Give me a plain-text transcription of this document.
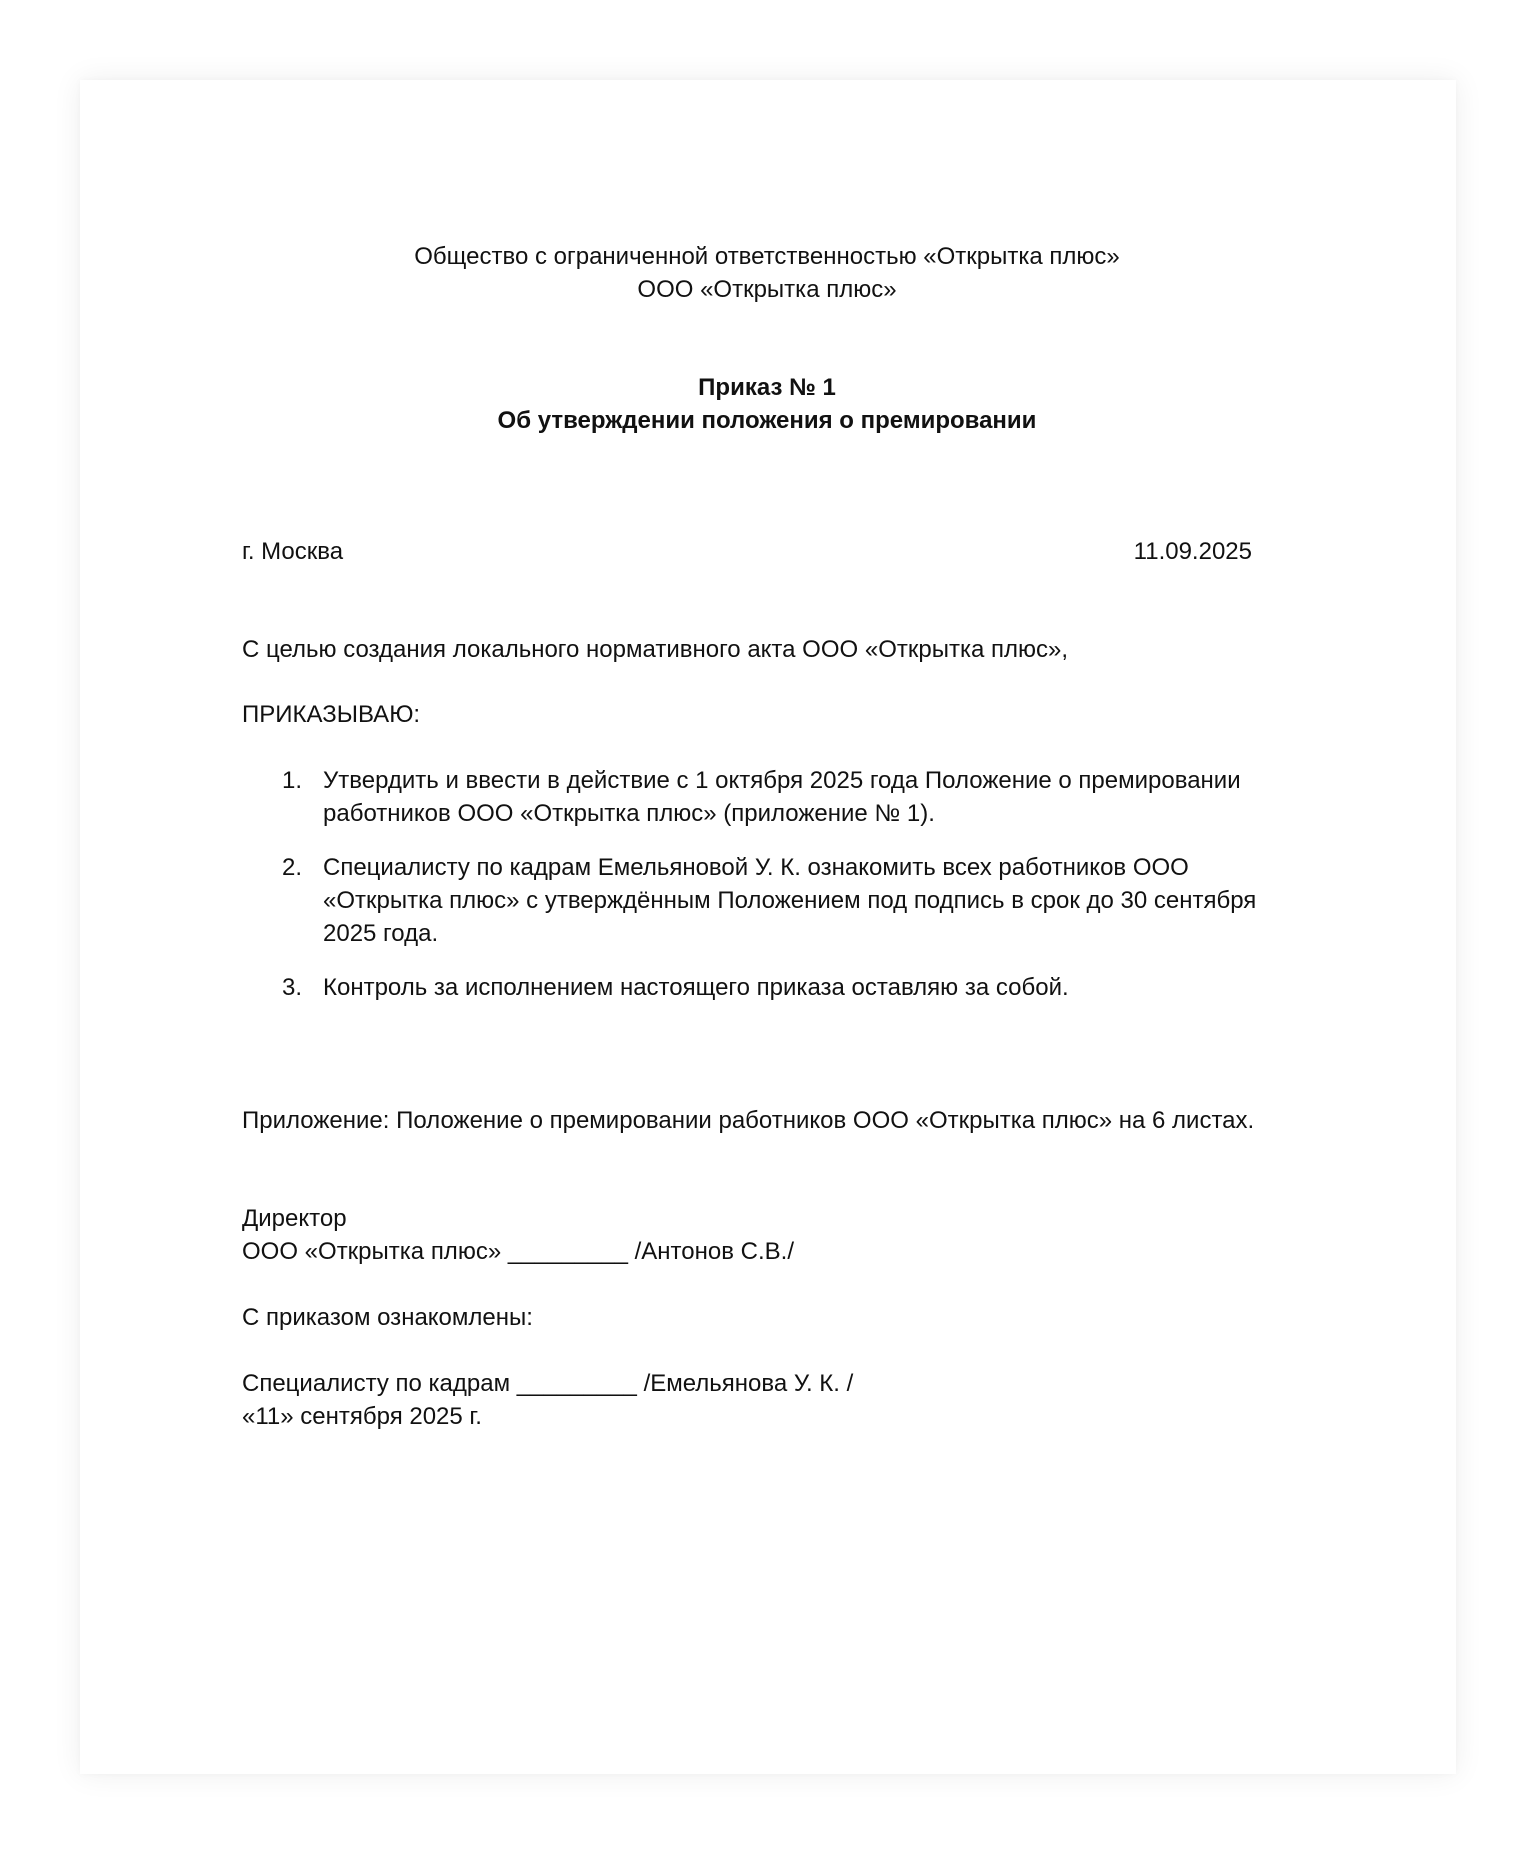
Общество с ограниченной ответственностью «Открытка плюс»
ООО «Открытка плюс»
Приказ № 1
Об утверждении положения о премировании
г. Москва	11.09.2025
С целью создания локального нормативного акта ООО «Открытка плюс»,
ПРИКАЗЫВАЮ:
1. Утвердить и ввести в действие с 1 октября 2025 года Положение о премировании
работников ООО «Открытка плюс» (приложение № 1).
2. Специалисту по кадрам Емельяновой У. К. ознакомить всех работников ООО
«Открытка плюс» с утверждённым Положением под подпись в срок до 30 сентября
2025 года.
3. Контроль за исполнением настоящего приказа оставляю за собой.
Приложение: Положение о премировании работников ООО «Открытка плюс» на 6 листах.
Директор
ООО «Открытка плюс» _________ /Антонов С.В./
С приказом ознакомлены:
Специалисту по кадрам _________ /Емельянова У. К. /
«11» сентября 2025 г.
